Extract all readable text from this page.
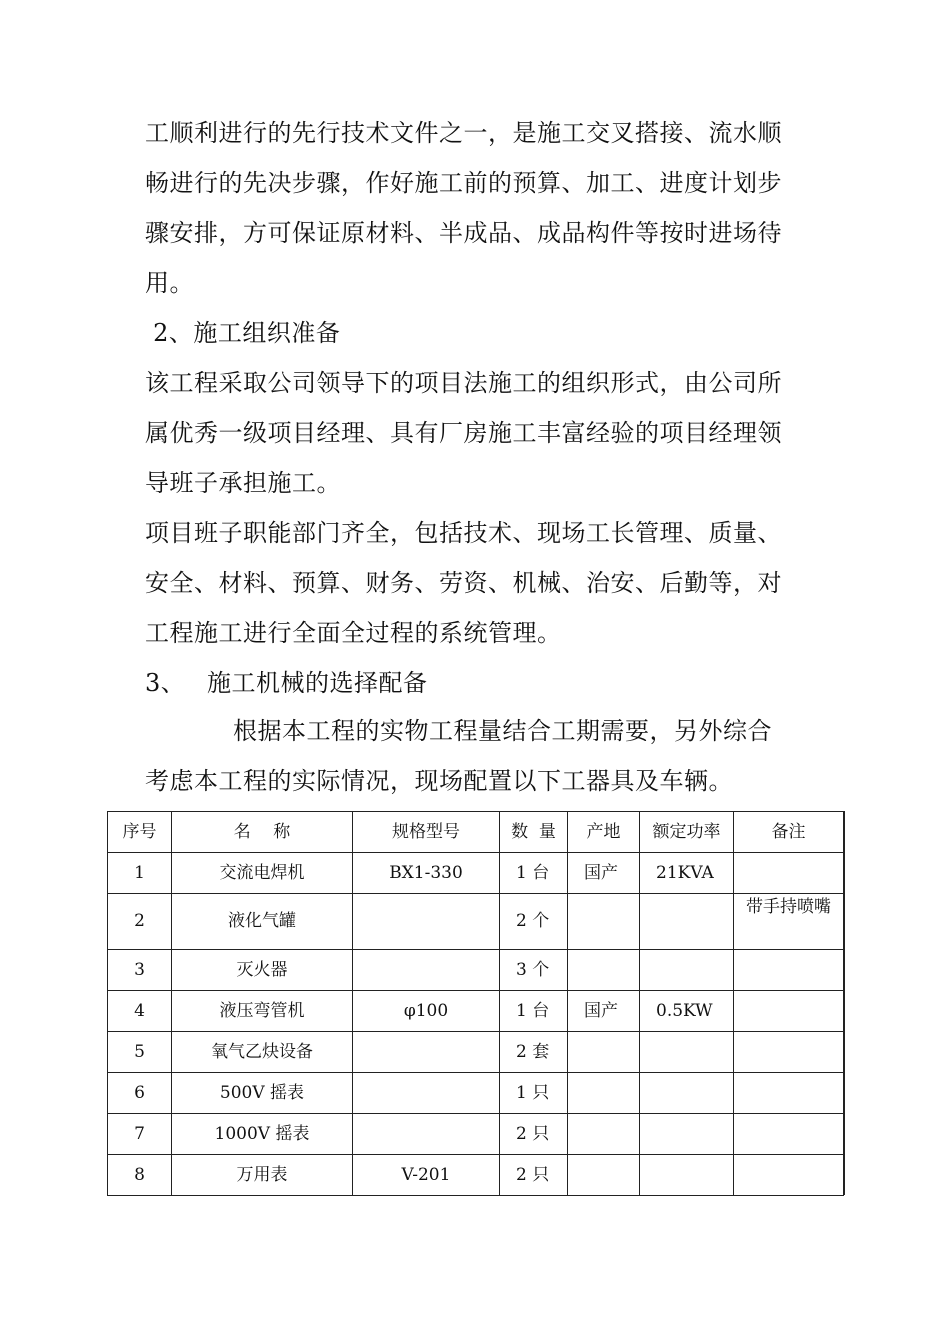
工顺利进行的先行技术文件之一，是施工交叉搭接、流水顺
畅进行的先决步骤，作好施工前的预算、加工、进度计划步
骤安排，方可保证原材料、半成品、成品构件等按时进场待
用。
2、施工组织准备
该工程采取公司领导下的项目法施工的组织形式，由公司所
属优秀一级项目经理、具有厂房施工丰富经验的项目经理领
导班子承担施工。
项目班子职能部门齐全，包括技术、现场工长管理、质量、
安全、材料、预算、财务、劳资、机械、治安、后勤等，对
工程施工进行全面全过程的系统管理。
3、 施工机械的选择配备
根据本工程的实物工程量结合工期需要，另外综合
考虑本工程的实际情况，现场配置以下工器具及车辆。
序号	名　 称	规格型号	数  量	产地	额定功率	备注
1	交流电焊机	BX1-330	1 台	国产	21KVA	
2	液化气罐		2 个			带手持喷嘴
3	灭火器		3 个			
4	液压弯管机	φ100	1 台	国产	0.5KW	
5	氧气乙炔设备		2 套			
6	500V 摇表		1 只			
7	1000V 摇表		2 只			
8	万用表	V-201	2 只			
